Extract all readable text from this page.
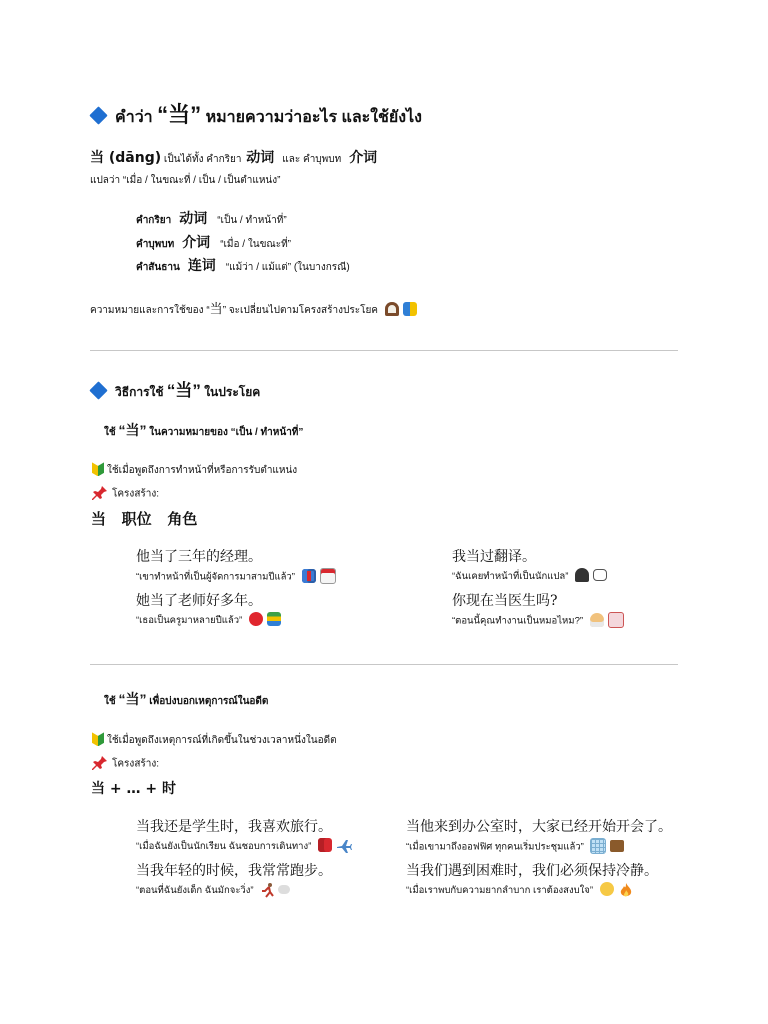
คำว่า “当” หมายความว่าอะไร และใช้ยังไง
当 (dāng) เป็นได้ทั้ง คำกริยา 动词 และ คำบุพบท 介词
แปลว่า “เมื่อ / ในขณะที่ / เป็น / เป็นตำแหน่ง”
คำกริยา 动词 “เป็น / ทำหน้าที่”
คำบุพบท 介词 “เมื่อ / ในขณะที่”
คำสันธาน 连词 “แม้ว่า / แม้แต่” (ในบางกรณี)
ความหมายและการใช้ของ “当” จะเปลี่ยนไปตามโครงสร้างประโยค
วิธีการใช้ “当” ในประโยค
ใช้ “当” ในความหมายของ “เป็น / ทำหน้าที่”
ใช้เมื่อพูดถึงการทำหน้าที่หรือการรับตำแหน่ง
โครงสร้าง:
当   职位   角色
他当了三年的经理。
“เขาทำหน้าที่เป็นผู้จัดการมาสามปีแล้ว”
她当了老师好多年。
“เธอเป็นครูมาหลายปีแล้ว”
我当过翻译。
“ฉันเคยทำหน้าที่เป็นนักแปล”
你现在当医生吗?
“ตอนนี้คุณทำงานเป็นหมอไหม?”
ใช้ “当” เพื่อบ่งบอกเหตุการณ์ในอดีต
ใช้เมื่อพูดถึงเหตุการณ์ที่เกิดขึ้นในช่วงเวลาหนึ่งในอดีต
โครงสร้าง:
当 + … + 时
当我还是学生时，我喜欢旅行。
“เมื่อฉันยังเป็นนักเรียน ฉันชอบการเดินทาง”
当我年轻的时候，我常常跑步。
“ตอนที่ฉันยังเด็ก ฉันมักจะวิ่ง”
当他来到办公室时，大家已经开始开会了。
“เมื่อเขามาถึงออฟฟิศ ทุกคนเริ่มประชุมแล้ว”
当我们遇到困难时，我们必须保持冷静。
“เมื่อเราพบกับความยากลำบาก เราต้องสงบใจ”
